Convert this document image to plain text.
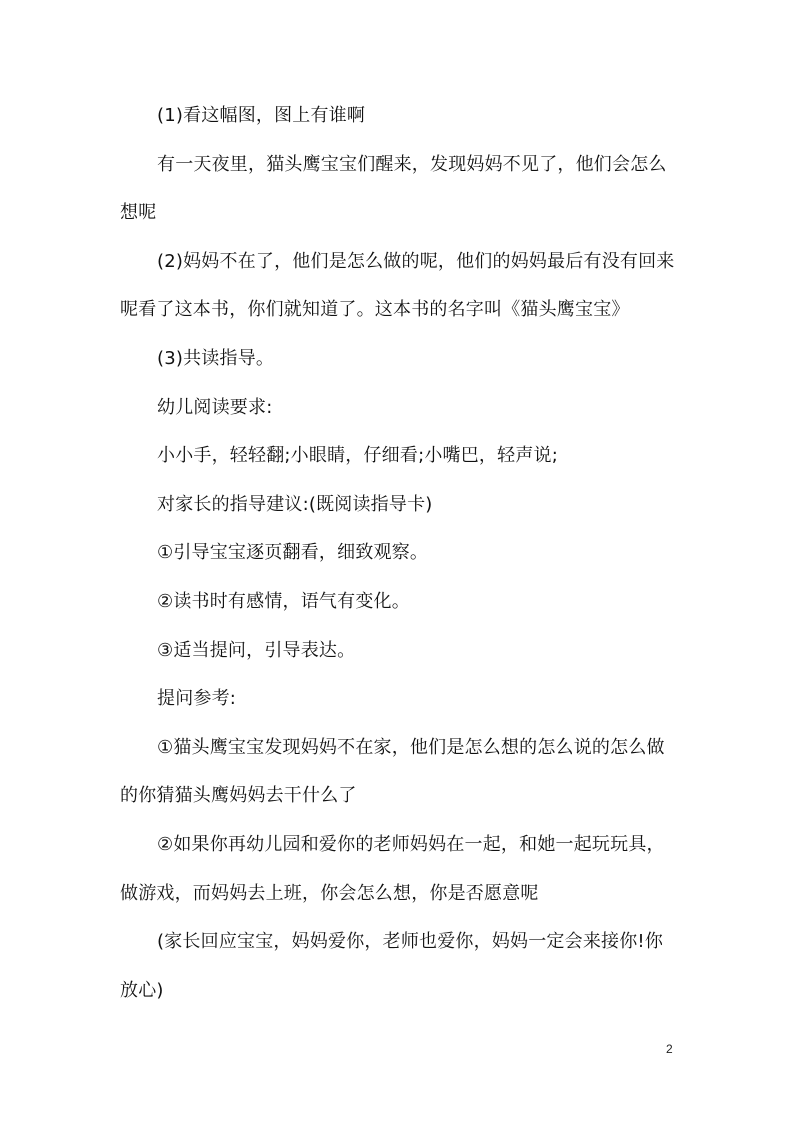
(1)看这幅图，图上有谁啊

有一天夜里，猫头鹰宝宝们醒来，发现妈妈不见了，他们会怎么
想呢

(2)妈妈不在了，他们是怎么做的呢，他们的妈妈最后有没有回来
呢看了这本书，你们就知道了。这本书的名字叫《猫头鹰宝宝》

(3)共读指导。

幼儿阅读要求:

小小手，轻轻翻;小眼睛，仔细看;小嘴巴，轻声说;

对家长的指导建议:(既阅读指导卡)

①引导宝宝逐页翻看，细致观察。

②读书时有感情，语气有变化。

③适当提问，引导表达。

提问参考:

①猫头鹰宝宝发现妈妈不在家，他们是怎么想的怎么说的怎么做
的你猜猫头鹰妈妈去干什么了

②如果你再幼儿园和爱你的老师妈妈在一起，和她一起玩玩具，
做游戏，而妈妈去上班，你会怎么想，你是否愿意呢

(家长回应宝宝，妈妈爱你，老师也爱你，妈妈一定会来接你!你
放心)

2
